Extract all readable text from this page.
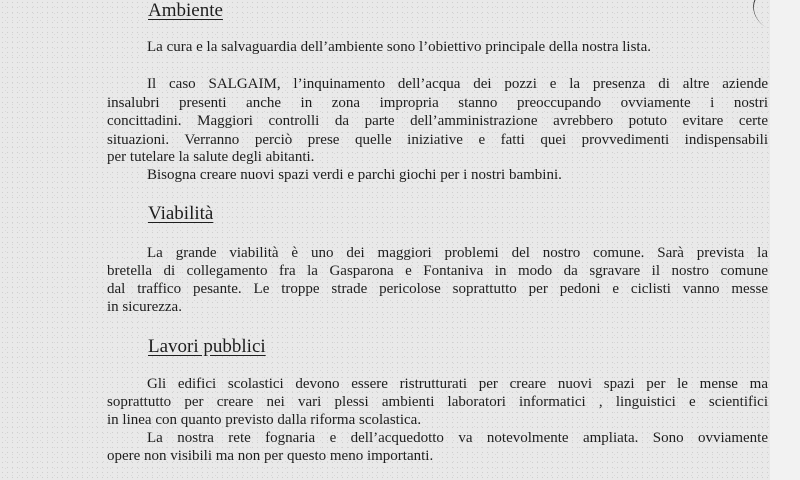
Ambiente
La cura e la salvaguardia dell’ambiente sono l’obiettivo principale della nostra lista.
Il caso SALGAIM, l’inquinamento dell’acqua dei pozzi e la presenza di altre aziende
insalubri presenti anche in zona impropria stanno preoccupando ovviamente i nostri
concittadini. Maggiori controlli da parte dell’amministrazione avrebbero potuto evitare certe
situazioni. Verranno perciò prese quelle iniziative e fatti quei provvedimenti indispensabili
per tutelare la salute degli abitanti.
Bisogna creare nuovi spazi verdi e parchi giochi per i nostri bambini.
Viabilità
La grande viabilità è uno dei maggiori problemi del nostro comune. Sarà prevista la
bretella di collegamento fra la Gasparona e Fontaniva in modo da sgravare il nostro comune
dal traffico pesante. Le troppe strade pericolose soprattutto per pedoni e ciclisti vanno messe
in sicurezza.
Lavori pubblici
Gli edifici scolastici devono essere ristrutturati per creare nuovi spazi per le mense ma
soprattutto per creare nei vari plessi ambienti laboratori informatici , linguistici e scientifici
in linea con quanto previsto dalla riforma scolastica.
La nostra rete fognaria e dell’acquedotto va notevolmente ampliata. Sono ovviamente
opere non visibili ma non per questo meno importanti.
